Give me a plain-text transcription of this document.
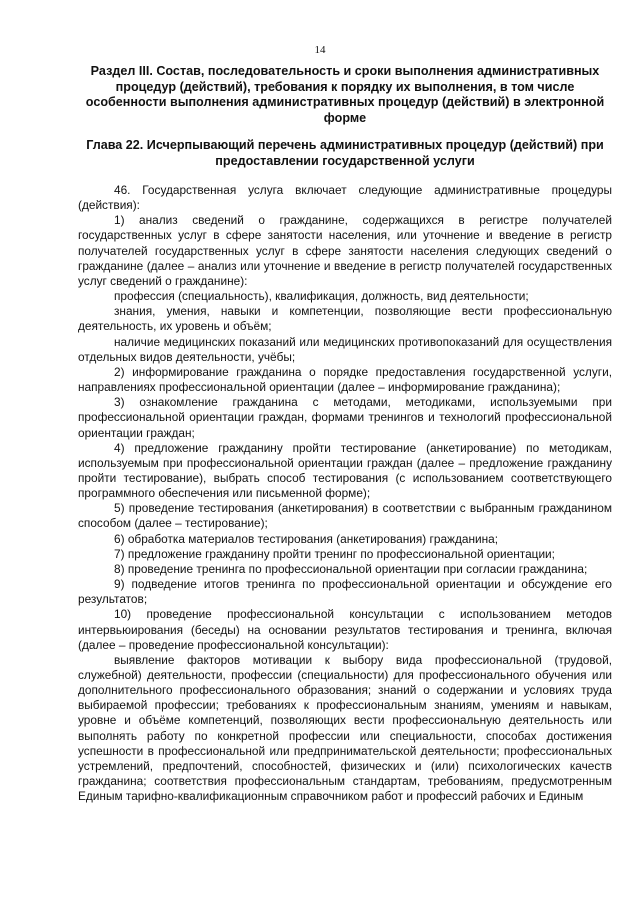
14
Раздел III. Состав, последовательность и сроки выполнения административных процедур (действий), требования к порядку их выполнения, в том числе особенности выполнения административных процедур (действий) в электронной форме
Глава 22. Исчерпывающий перечень административных процедур (действий) при предоставлении государственной услуги

46. Государственная услуга включает следующие административные процедуры (действия):

1) анализ сведений о гражданине, содержащихся в регистре получателей государственных услуг в сфере занятости населения, или уточнение и введение в регистр получателей государственных услуг в сфере занятости населения следующих сведений о гражданине (далее – анализ или уточнение и введение в регистр получателей государственных услуг сведений о гражданине):

профессия (специальность), квалификация, должность, вид деятельности;

знания, умения, навыки и компетенции, позволяющие вести профессиональную деятельность, их уровень и объём;

наличие медицинских показаний или медицинских противопоказаний для осуществления отдельных видов деятельности, учёбы;

2) информирование гражданина о порядке предоставления государственной услуги, направлениях профессиональной ориентации (далее – информирование гражданина);

3) ознакомление гражданина с методами, методиками, используемыми при профессиональной ориентации граждан, формами тренингов и технологий профессиональной ориентации граждан;

4) предложение гражданину пройти тестирование (анкетирование) по методикам, используемым при профессиональной ориентации граждан (далее – предложение гражданину пройти тестирование), выбрать способ тестирования (с использованием соответствующего программного обеспечения или письменной форме);

5) проведение тестирования (анкетирования) в соответствии с выбранным гражданином способом (далее – тестирование);

6) обработка материалов тестирования (анкетирования) гражданина;

7) предложение гражданину пройти тренинг по профессиональной ориентации;

8) проведение тренинга по профессиональной ориентации при согласии гражданина;

9) подведение итогов тренинга по профессиональной ориентации и обсуждение его результатов;

10) проведение профессиональной консультации с использованием методов интервьюирования (беседы) на основании результатов тестирования и тренинга, включая (далее – проведение профессиональной консультации):

выявление факторов мотивации к выбору вида профессиональной (трудовой, служебной) деятельности, профессии (специальности) для профессионального обучения или дополнительного профессионального образования; знаний о содержании и условиях труда выбираемой профессии; требованиях к профессиональным знаниям, умениям и навыкам, уровне и объёме компетенций, позволяющих вести профессиональную деятельность или выполнять работу по конкретной профессии или специальности, способах достижения успешности в профессиональной или предпринимательской деятельности; профессиональных устремлений, предпочтений, способностей, физических и (или) психологических качеств гражданина; соответствия профессиональным стандартам, требованиям, предусмотренным Единым тарифно-квалификационным справочником работ и профессий рабочих и Единым
